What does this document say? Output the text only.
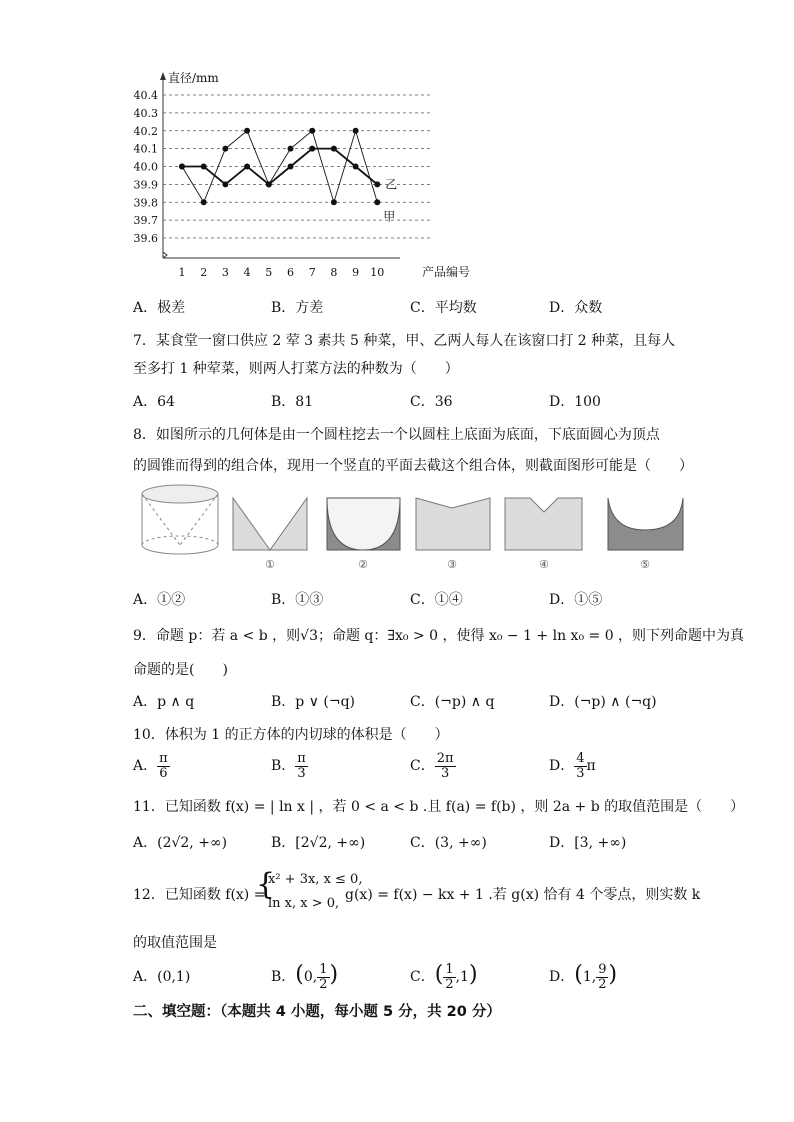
40.4
40.3
40.2
40.1
40.0
39.9
39.8
39.7
39.6
1 2 3 4 5 6 7 8 9 10
直径/mm
产品编号
甲
乙
A．极差	B．方差	C．平均数	D．众数
7．某食堂一窗口供应 2 荤 3 素共 5 种菜，甲、乙两人每人在该窗口打 2 种菜，且每人
至多打 1 种荤菜，则两人打菜方法的种数为（　　）
A．64	B．81	C．36	D．100
8．如图所示的几何体是由一个圆柱挖去一个以圆柱上底面为底面，下底面圆心为顶点
的圆锥而得到的组合体，现用一个竖直的平面去截这个组合体，则截面图形可能是（　　）
①	②	③	④	⑤
A．①②	B．①③	C．①④	D．①⑤
9．命题 p：若 a < b ，则√3；命题 q：∃x₀ > 0 ，使得 x₀ − 1 + ln x₀ = 0 ，则下列命题中为真
命题的是(　　)
A．p ∧ q	B．p ∨ (¬q)	C．(¬p) ∧ q	D．(¬p) ∧ (¬q)
10．体积为 1 的正方体的内切球的体积是（　　）
A． $\frac{\pi}{6}$	B． $\frac{\pi}{3}$	C． $\frac{2\pi}{3}$	D． $\frac{4}{3}$ π
11．已知函数 f(x) = | ln x | ，若 0 < a < b .且 f(a) = f(b) ，则 2a + b 的取值范围是（　　）
A．(2√2, +∞)	B．[2√2, +∞)	C．(3, +∞)	D．[3, +∞)
12．已知函数 f(x) =
{
x² + 3x, x ≤ 0,
ln x, x > 0,
g(x) = f(x) − kx + 1 .若 g(x) 恰有 4 个零点，则实数 k
的取值范围是
A．(0,1)	B．(0, $\frac{1}{2}$ )	C．( $\frac{1}{2} ,1$)	D．(1, $\frac{9}{2}$ )
二、填空题：（本题共 4 小题，每小题 5 分，共 20 分）
